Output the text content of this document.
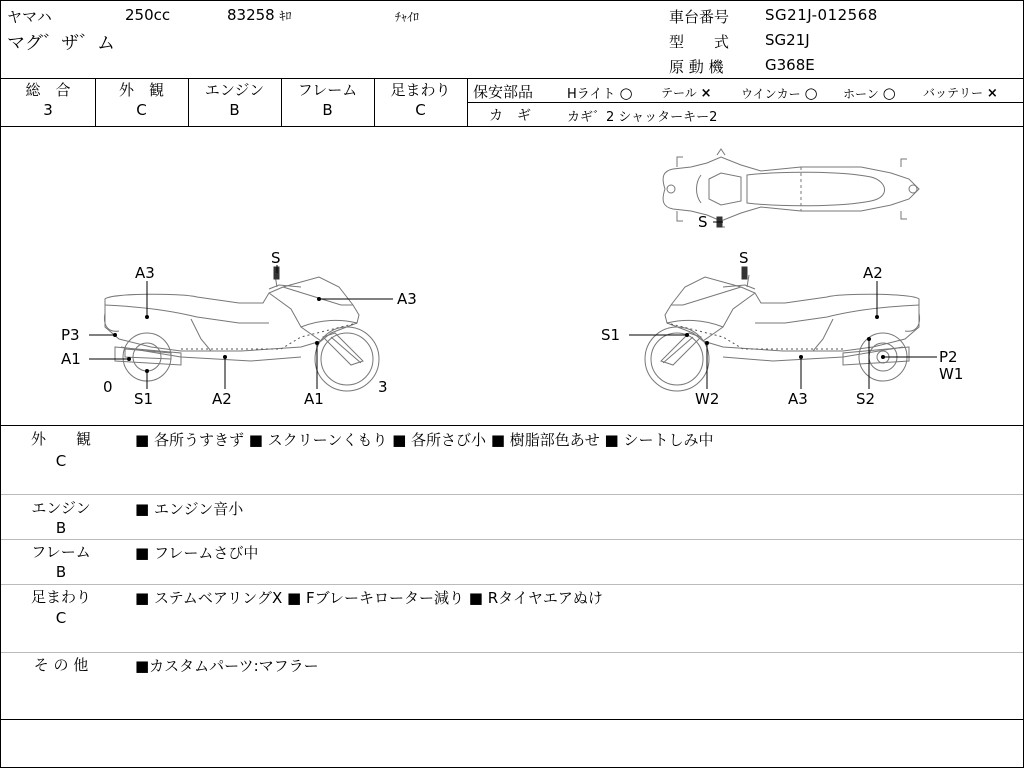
ヤマハ	250cc	83258 ｷﾛ	ﾁｬｲﾛ
マグ゛ザ゛ム
車台番号 SG21J-012568
型　　式 SG21J
原 動 機	G368E
総　合
3
外　観
C
エンジン
B
フレーム
B
足まわり
C
保安部品	Hライト ○ テール × ウインカー ○ ホーン ○ バッテリー ×
カ　ギ	カギ゛2 シャッターキー2
A3
S
A3
P3
A1
0
S1	A2	A1
3
S
S
A2
S1
P2
W1
W2	A3	S2
外　　観
C
■ 各所うすきず ■ スクリーンくもり ■ 各所さび小 ■ 樹脂部色あせ ■ シートしみ中
エンジン
B
■ エンジン音小
フレーム
B
■ フレームさび中
足まわり
C
■ ステムベアリングX ■ Fブレーキローター減り ■ Rタイヤエアぬけ
そ の 他	■カスタムパーツ:マフラー
